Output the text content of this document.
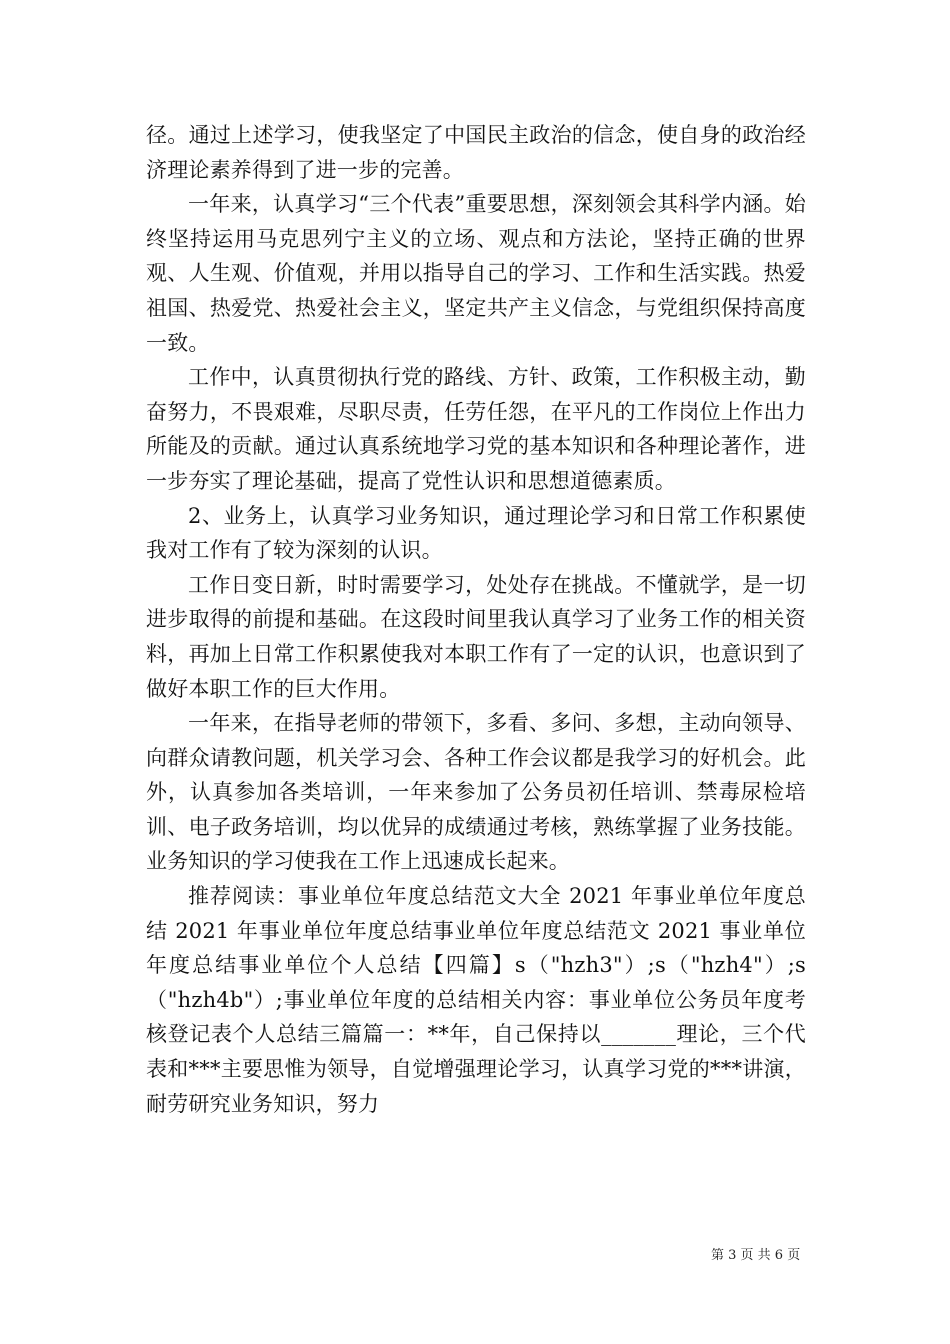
径。通过上述学习，使我坚定了中国民主政治的信念，使自身的政治经济理论素养得到了进一步的完善。

一年来，认真学习“三个代表”重要思想，深刻领会其科学内涵。始终坚持运用马克思列宁主义的立场、观点和方法论，坚持正确的世界观、人生观、价值观，并用以指导自己的学习、工作和生活实践。热爱祖国、热爱党、热爱社会主义，坚定共产主义信念，与党组织保持高度一致。

工作中，认真贯彻执行党的路线、方针、政策，工作积极主动，勤奋努力，不畏艰难，尽职尽责，任劳任怨，在平凡的工作岗位上作出力所能及的贡献。通过认真系统地学习党的基本知识和各种理论著作，进一步夯实了理论基础，提高了党性认识和思想道德素质。

2、业务上，认真学习业务知识，通过理论学习和日常工作积累使我对工作有了较为深刻的认识。

工作日变日新，时时需要学习，处处存在挑战。不懂就学，是一切进步取得的前提和基础。在这段时间里我认真学习了业务工作的相关资料，再加上日常工作积累使我对本职工作有了一定的认识，也意识到了做好本职工作的巨大作用。

一年来，在指导老师的带领下，多看、多问、多想，主动向领导、向群众请教问题，机关学习会、各种工作会议都是我学习的好机会。此外，认真参加各类培训，一年来参加了公务员初任培训、禁毒尿检培训、电子政务培训，均以优异的成绩通过考核，熟练掌握了业务技能。业务知识的学习使我在工作上迅速成长起来。

推荐阅读：事业单位年度总结范文大全 2021 年事业单位年度总结 2021 年事业单位年度总结事业单位年度总结范文 2021 事业单位年度总结事业单位个人总结【四篇】s（"hzh3"）;s（"hzh4"）;s（"hzh4b"）;事业单位年度的总结相关内容：事业单位公务员年度考核登记表个人总结三篇篇一：**年，自己保持以_______理论，三个代表和***主要思惟为领导，自觉增强理论学习，认真学习党的***讲演，耐劳研究业务知识，努力

第 3 页 共 6 页
